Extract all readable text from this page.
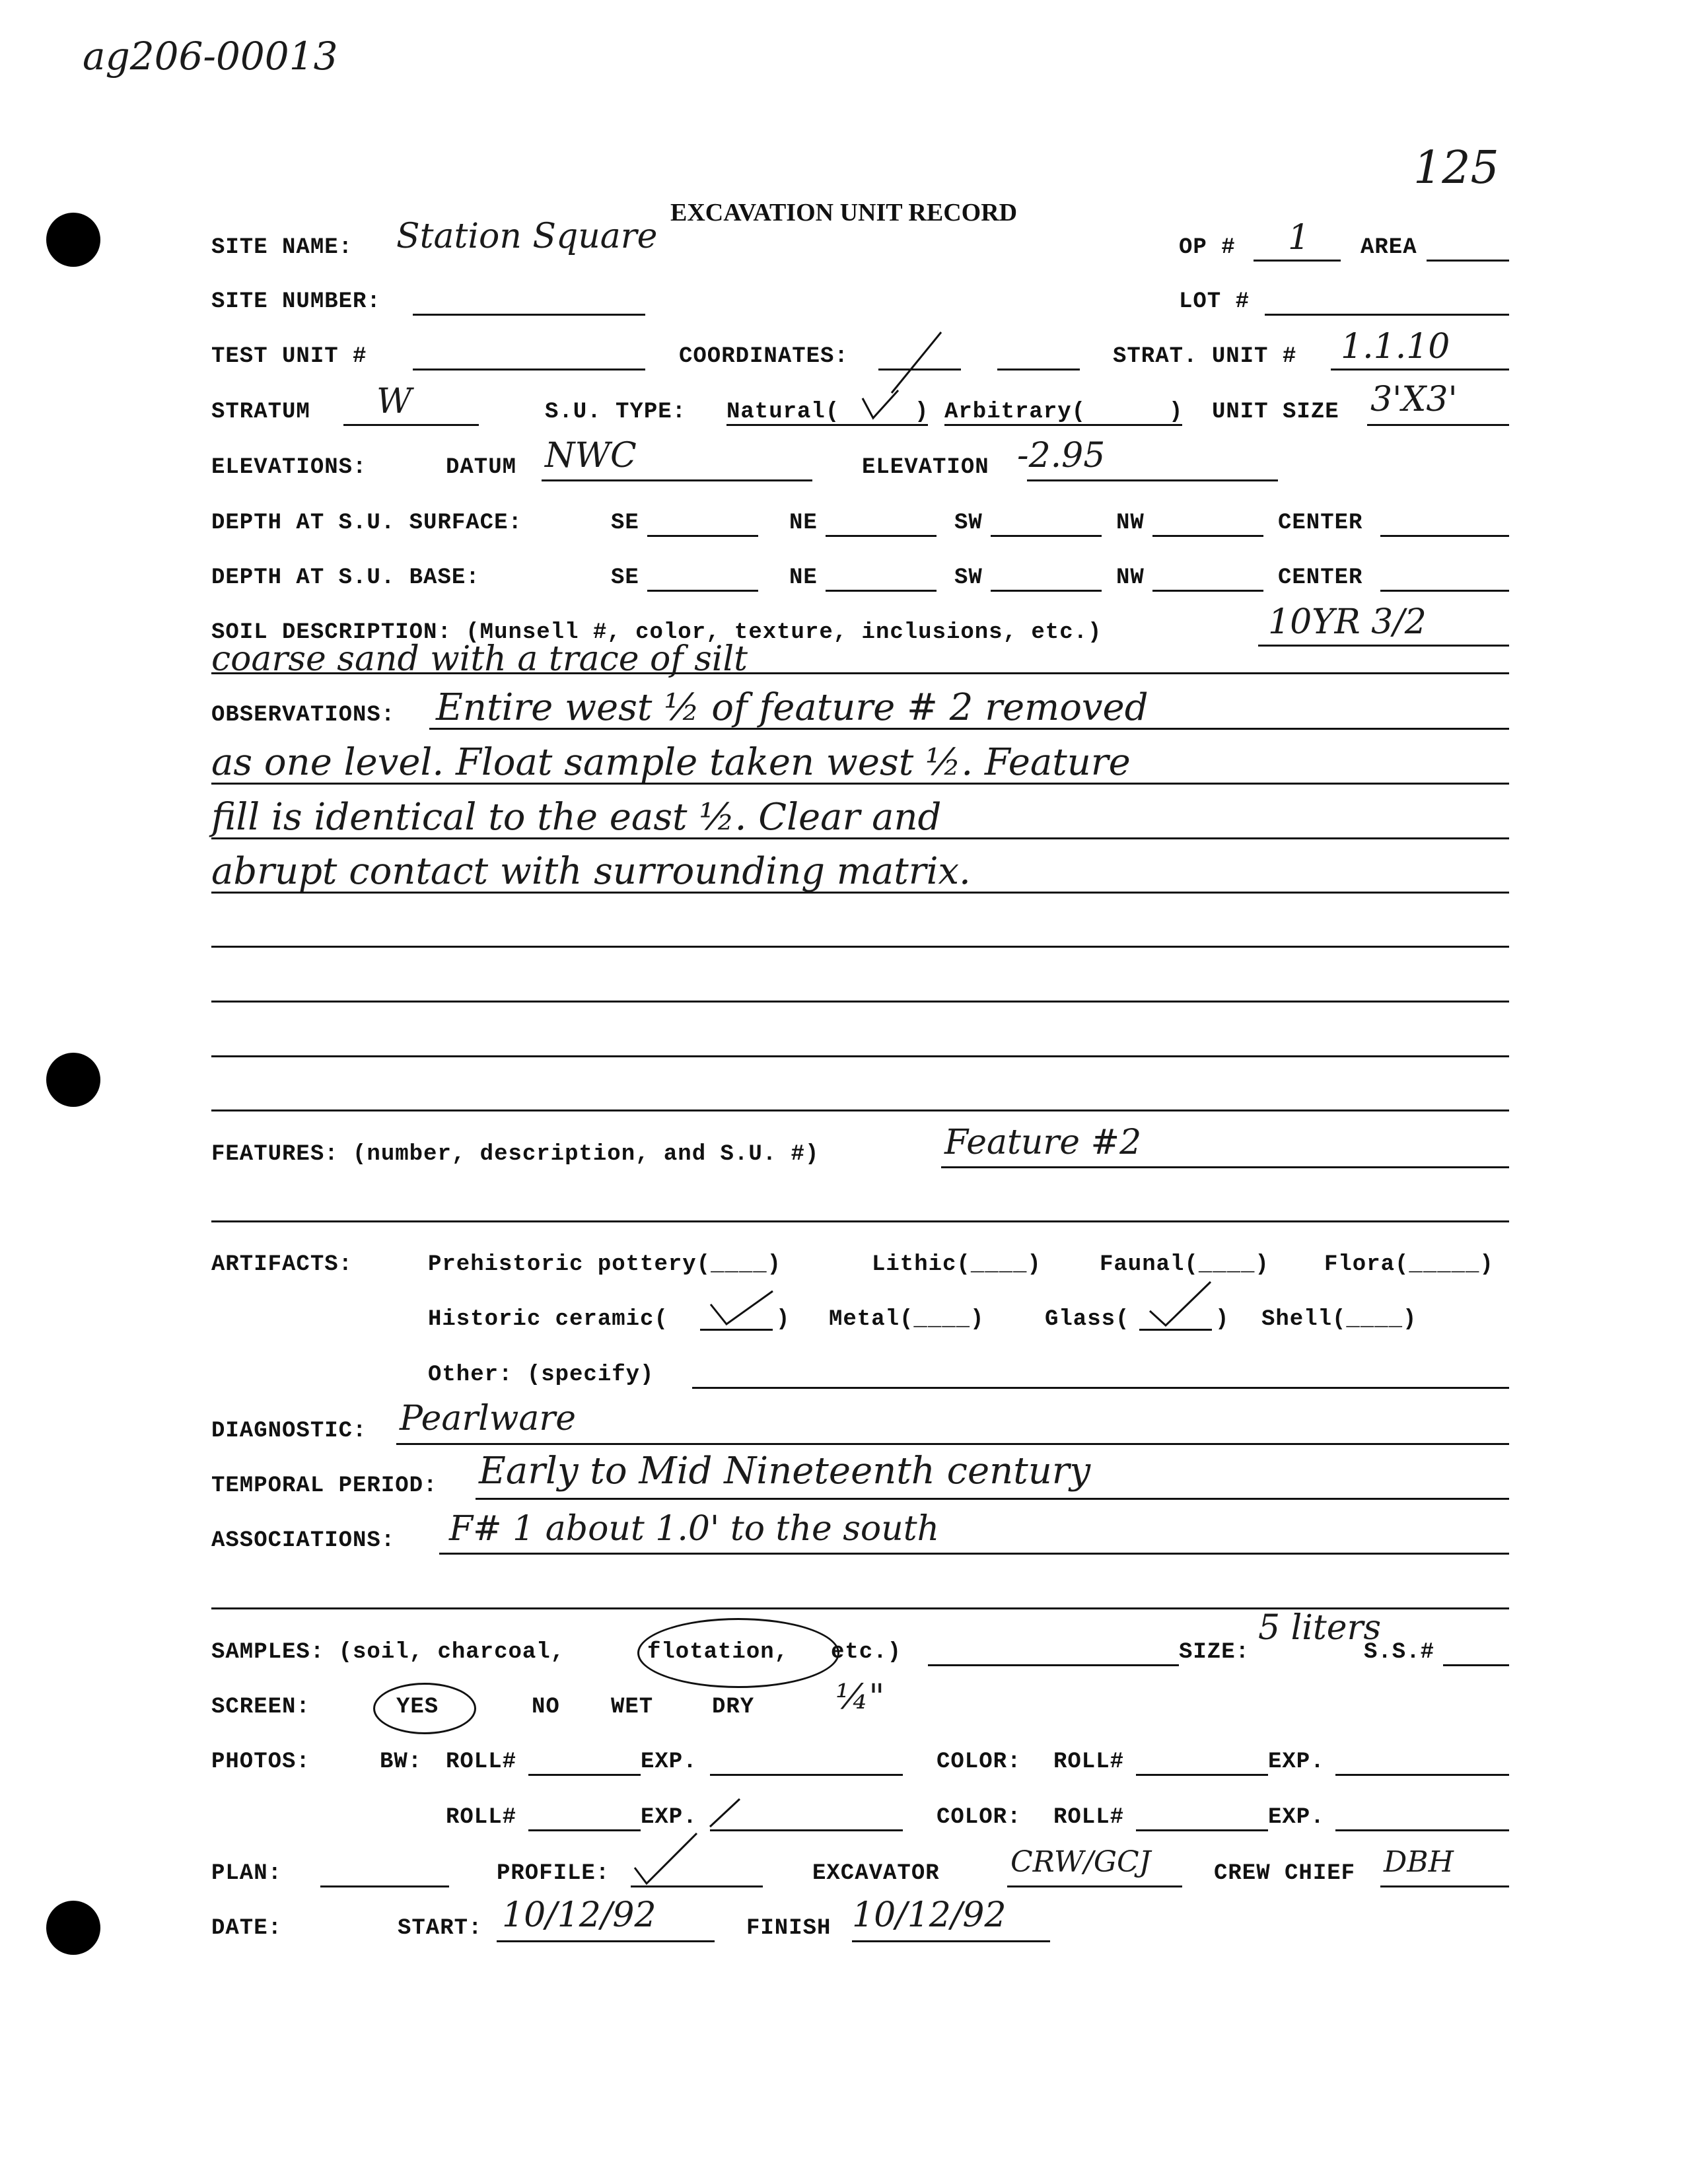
ag206-00013
125
EXCAVATION UNIT RECORD
SITE NAME: Station Square	OP # 1 AREA
SITE NUMBER:	LOT #
TEST UNIT #	COORDINATES:	STRAT. UNIT # 1.1.10
STRATUM W	S.U. TYPE: Natural(	) Arbitrary(	) UNIT SIZE 3'X3'
ELEVATIONS:	DATUM NWC	ELEVATION -2.95
DEPTH AT S.U. SURFACE:	SE	NE	SW	NW	CENTER
DEPTH AT S.U. BASE:	SE	NE	SW	NW	CENTER
SOIL DESCRIPTION: (Munsell #, color, texture, inclusions, etc.)	10YR 3/2
coarse sand with a trace of silt
OBSERVATIONS: Entire west ½ of feature # 2 removed
as one level. Float sample taken west ½. Feature
fill is identical to the east ½. Clear and
abrupt contact with surrounding matrix.
FEATURES: (number, description, and S.U. #)	Feature #2
ARTIFACTS:	Prehistoric pottery(____)	Lithic(____)	Faunal(____) Flora(_____)
Historic ceramic(	) Metal(____)	Glass(	) Shell(____)
Other: (specify)
DIAGNOSTIC: Pearlware
TEMPORAL PERIOD: Early to Mid Nineteenth century
ASSOCIATIONS: F# 1 about 1.0' to the south
SAMPLES: (soil, charcoal,	flotation, etc.)	SIZE:
5 liters
S.S.#
SCREEN:	YES	NO WET	DRY ¼"
PHOTOS:	BW: ROLL#	EXP.	COLOR: ROLL#	EXP.
ROLL#	EXP.	COLOR: ROLL#	EXP.
PLAN:	PROFILE:	EXCAVATOR CRW/GCJ	CREW CHIEF DBH
DATE:	START: 10/12/92	FINISH 10/12/92
